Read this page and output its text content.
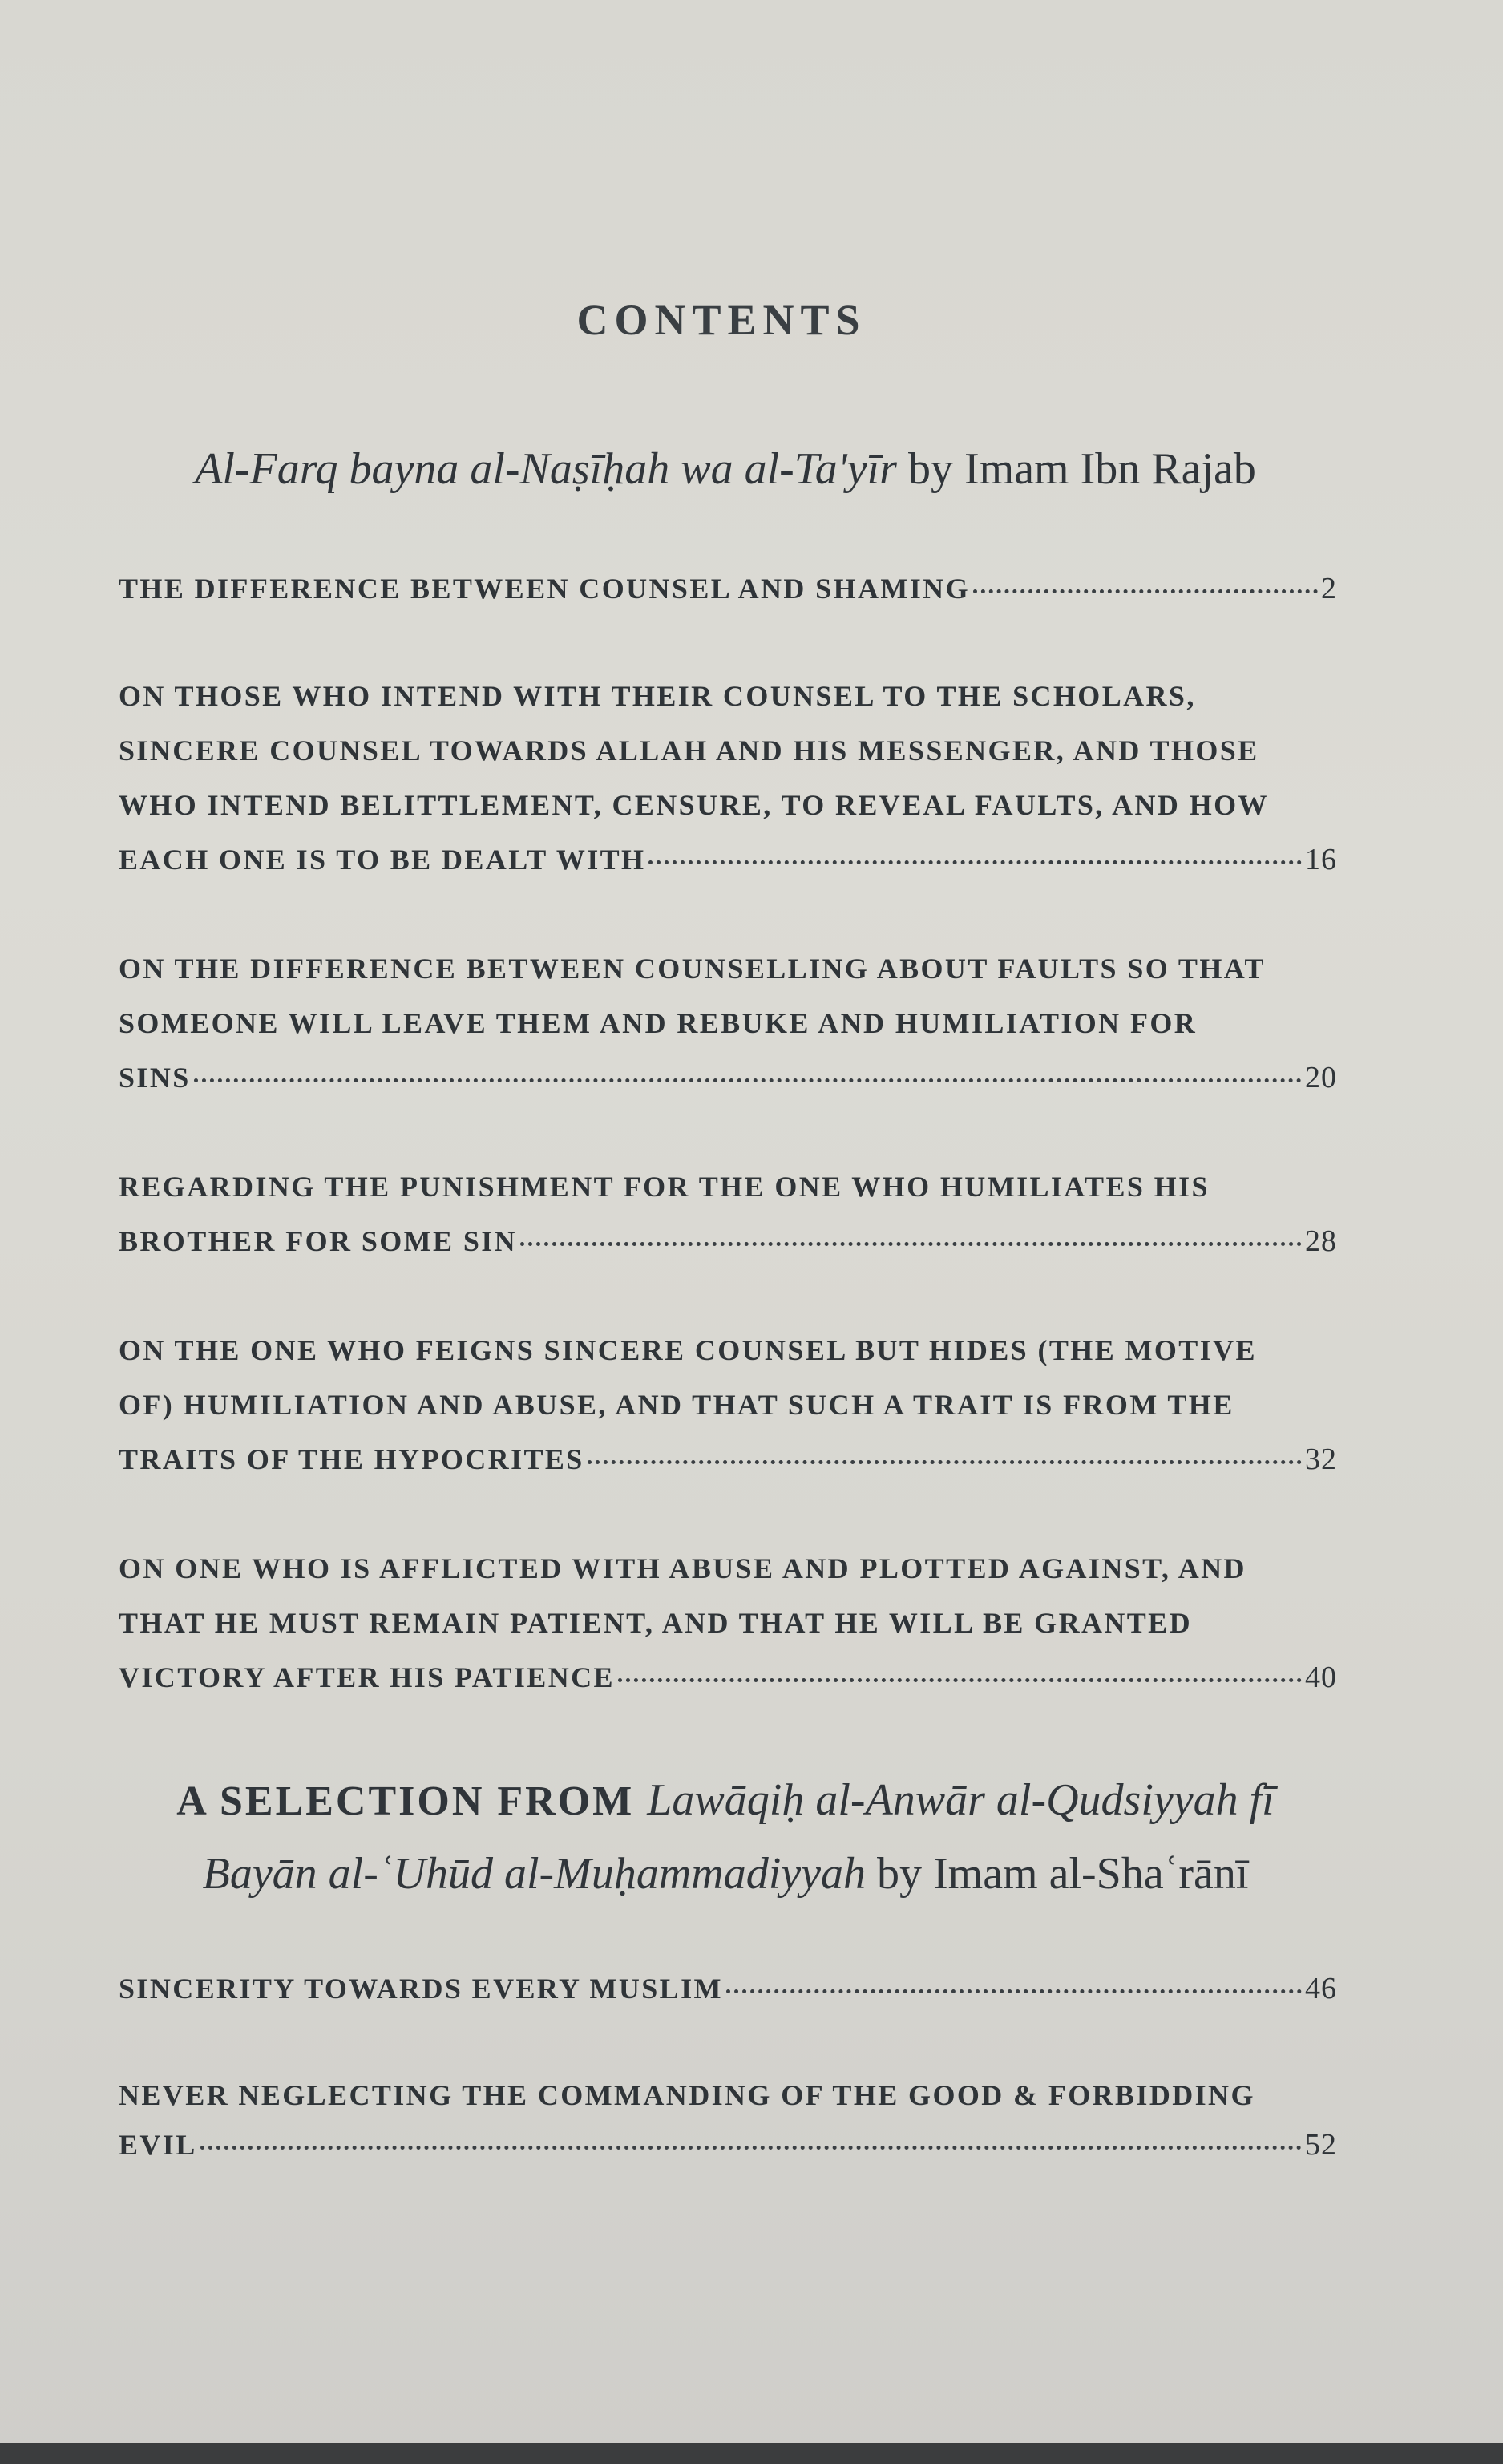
CONTENTS
Al-Farq bayna al-Naṣīḥah wa al-Ta'yīr by Imam Ibn Rajab
THE DIFFERENCE BETWEEN COUNSEL AND SHAMING	2
ON THOSE WHO INTEND WITH THEIR COUNSEL TO THE SCHOLARS,
SINCERE COUNSEL TOWARDS ALLAH AND HIS MESSENGER, AND THOSE
WHO INTEND BELITTLEMENT, CENSURE, TO REVEAL FAULTS, AND HOW
EACH ONE IS TO BE DEALT WITH	16
ON THE DIFFERENCE BETWEEN COUNSELLING ABOUT FAULTS SO THAT
SOMEONE WILL LEAVE THEM AND REBUKE AND HUMILIATION FOR
SINS	20
REGARDING THE PUNISHMENT FOR THE ONE WHO HUMILIATES HIS
BROTHER FOR SOME SIN	28
ON THE ONE WHO FEIGNS SINCERE COUNSEL BUT HIDES (THE MOTIVE
OF) HUMILIATION AND ABUSE, AND THAT SUCH A TRAIT IS FROM THE
TRAITS OF THE HYPOCRITES	32
ON ONE WHO IS AFFLICTED WITH ABUSE AND PLOTTED AGAINST, AND
THAT HE MUST REMAIN PATIENT, AND THAT HE WILL BE GRANTED
VICTORY AFTER HIS PATIENCE	40
A SELECTION FROM Lawāqiḥ al-Anwār al-Qudsiyyah fī
Bayān al-ʿUhūd al-Muḥammadiyyah by Imam al-Shaʿrānī
SINCERITY TOWARDS EVERY MUSLIM	46
NEVER NEGLECTING THE COMMANDING OF THE GOOD & FORBIDDING
EVIL	52
